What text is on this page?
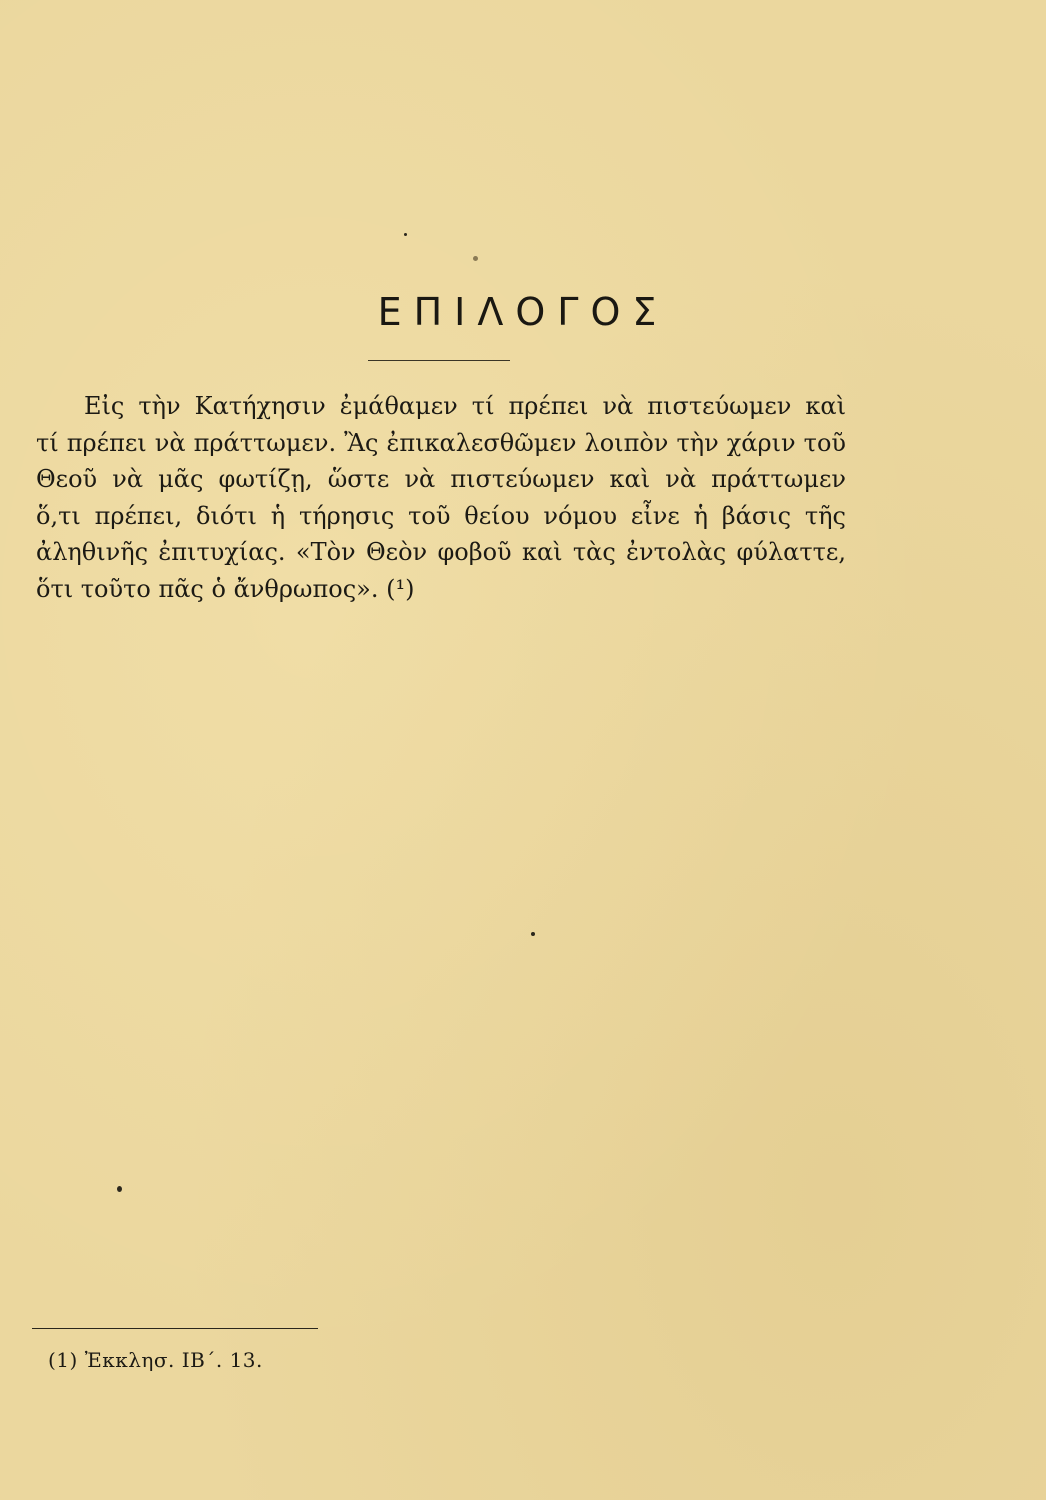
ΕΠΙΛΟΓΟΣ
Εἰς τὴν Κατήχησιν ἐμάθαμεν τί πρέπει νὰ πιστεύωμεν καὶ
τί πρέπει νὰ πράττωμεν. Ἂς ἐπικαλεσθῶμεν λοιπὸν τὴν χάριν τοῦ
Θεοῦ νὰ μᾶς φωτίζῃ, ὥστε νὰ πιστεύωμεν καὶ νὰ πράττωμεν
ὅ,τι πρέπει, διότι ἡ τήρησις τοῦ θείου νόμου εἶνε ἡ βάσις τῆς
ἀληθινῆς ἐπιτυχίας. «Τὸν Θεὸν φοβοῦ καὶ τὰς ἐντολὰς φύλαττε,
ὅτι τοῦτο πᾶς ὁ ἄνθρωπος». (¹)

(1) Ἐκκλησ. ΙΒ΄. 13.
